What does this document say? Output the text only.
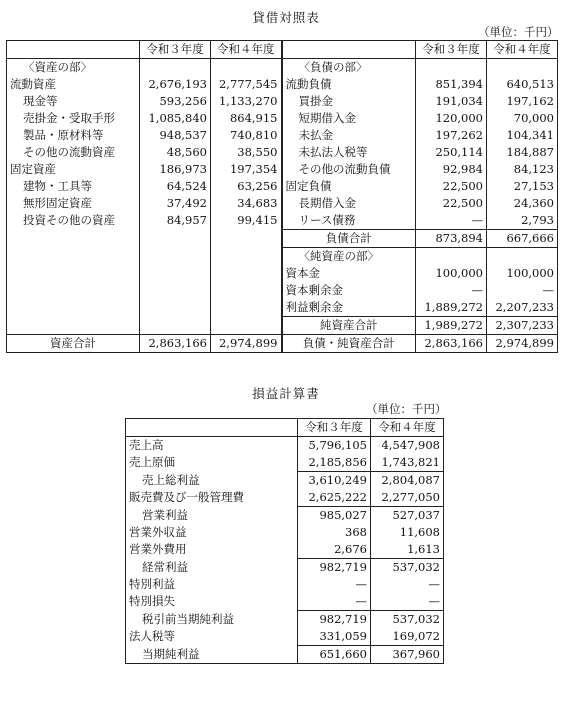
貸借対照表
（単位：千円）
	令和３年度	令和４年度		令和３年度	令和４年度
〈資産の部〉			〈負債の部〉		
流動資産	2,676,193	2,777,545	流動負債	851,394	640,513
現金等	593,256	1,133,270	買掛金	191,034	197,162
売掛金・受取手形	1,085,840	864,915	短期借入金	120,000	70,000
製品・原材料等	948,537	740,810	未払金	197,262	104,341
その他の流動資産	48,560	38,550	未払法人税等	250,114	184,887
固定資産	186,973	197,354	その他の流動負債	92,984	84,123
建物・工具等	64,524	63,256	固定負債	22,500	27,153
無形固定資産	37,492	34,683	長期借入金	22,500	24,360
投資その他の資産	84,957	99,415	リース債務	—	2,793
			負債合計	873,894	667,666
			〈純資産の部〉		
			資本金	100,000	100,000
			資本剰余金	—	—
			利益剰余金	1,889,272	2,207,233
			純資産合計	1,989,272	2,307,233
資産合計	2,863,166	2,974,899	負債・純資産合計	2,863,166	2,974,899
損益計算書
（単位：千円）
	令和３年度	令和４年度
売上高	5,796,105	4,547,908
売上原価	2,185,856	1,743,821
売上総利益	3,610,249	2,804,087
販売費及び一般管理費	2,625,222	2,277,050
営業利益	985,027	527,037
営業外収益	368	11,608
営業外費用	2,676	1,613
経常利益	982,719	537,032
特別利益	—	—
特別損失	—	—
税引前当期純利益	982,719	537,032
法人税等	331,059	169,072
当期純利益	651,660	367,960
